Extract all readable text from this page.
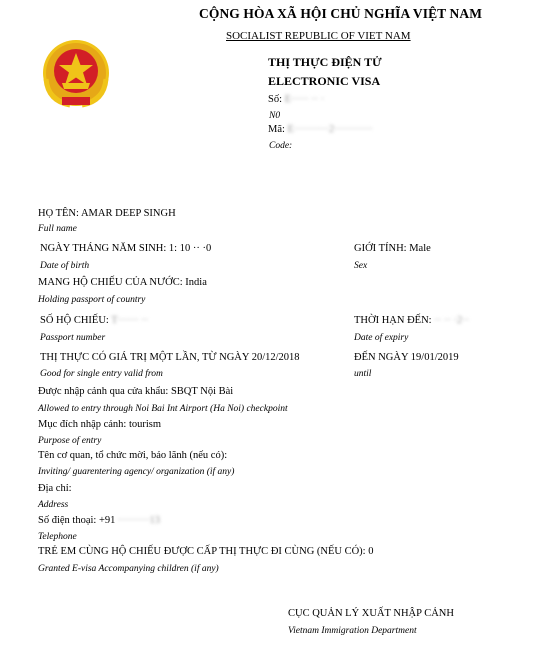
CỘNG HÒA XÃ HỘI CHỦ NGHĨA VIỆT NAM
SOCIALIST REPUBLIC OF VIET NAM
THỊ THỰC ĐIỆN TỬ
ELECTRONIC VISA
Số: E····· ·· ·
N0
Mã: E··········2···········
Code:
HỌ TÊN: AMAR DEEP SINGH
Full name
NGÀY THÁNG NĂM SINH: 1: 10 ·· ·0
Date of birth
GIỚI TÍNH: Male
Sex
MANG HỘ CHIẾU CỦA NƯỚC: India
Holding passport of country
SỐ HỘ CHIẾU: T······ ··
Passport number
THỜI HẠN ĐẾN: ·· ·· ·2··
Date of expiry
THỊ THỰC CÓ GIÁ TRỊ MỘT LẦN, TỪ NGÀY 20/12/2018
Good for single entry valid from
ĐẾN NGÀY 19/01/2019
until
Được nhập cảnh qua cửa khẩu: SBQT Nội Bài
Allowed to entry through Noi Bai Int Airport (Ha Noi) checkpoint
Mục đích nhập cảnh: tourism
Purpose of entry
Tên cơ quan, tổ chức mời, bảo lãnh (nếu có):
Inviting/ guarentering agency/ organization (if any)
Địa chỉ:
Address
Số điện thoại: +91 ·········13
Telephone
TRẺ EM CÙNG HỘ CHIẾU ĐƯỢC CẤP THỊ THỰC ĐI CÙNG (NẾU CÓ): 0
Granted E-visa Accompanying children (if any)
CỤC QUẢN LÝ XUẤT NHẬP CẢNH
Vietnam Immigration Department
